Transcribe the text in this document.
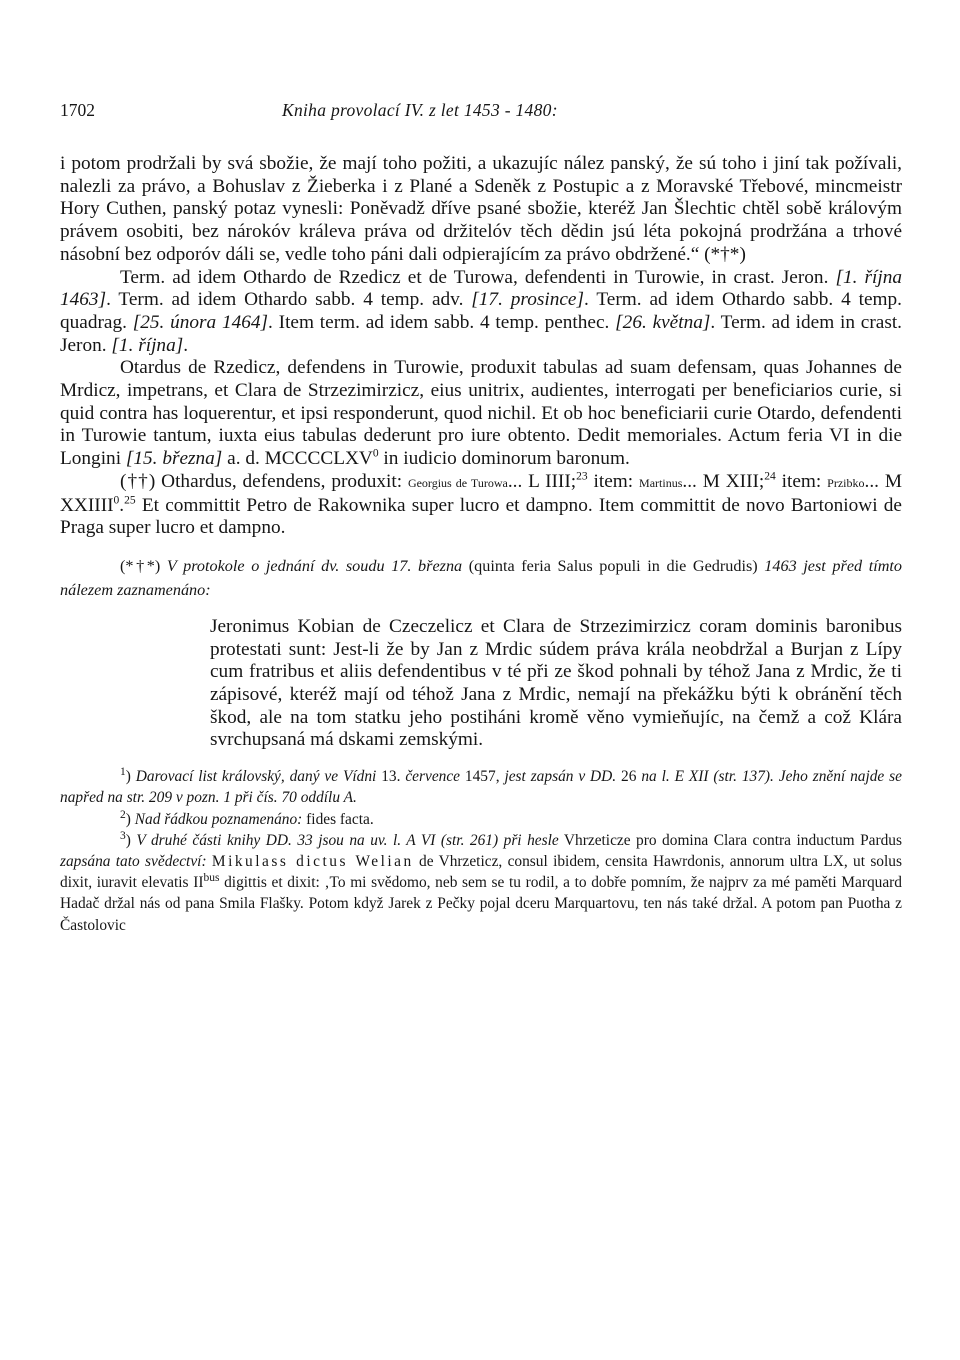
1702	Kniha provolací IV. z let 1453 - 1480:

i potom prodržali by svá sbožie, že mají toho požiti, a ukazujíc nález panský, že sú toho i jiní tak požívali, nalezli za právo, a Bohuslav z Žieberka i z Plané a Sdeněk z Postupic a z Moravské Třebové, mincmeistr Hory Cuthen, panský potaz vynesli: Poněvadž dříve psané sbožie, kteréž Jan Šlechtic chtěl sobě královým právem osobiti, bez nárokóv králeva práva od držitelóv těch dědin jsú léta pokojná prodržána a trhové násobní bez odporóv dáli se, vedle toho páni dali odpierajícím za právo obdržené.“ (*†*)

Term. ad idem Othardo de Rzedicz et de Turowa, defendenti in Turowie, in crast. Jeron. [1. října 1463]. Term. ad idem Othardo sabb. 4 temp. adv. [17. prosince]. Term. ad idem Othardo sabb. 4 temp. quadrag. [25. února 1464]. Item term. ad idem sabb. 4 temp. penthec. [26. května]. Term. ad idem in crast. Jeron. [1. října].

Otardus de Rzedicz, defendens in Turowie, produxit tabulas ad suam defensam, quas Johannes de Mrdicz, impetrans, et Clara de Strzezimirzicz, eius unitrix, audientes, interrogati per beneficiarios curie, si quid contra has loquerentur, et ipsi responderunt, quod nichil. Et ob hoc beneficiarii curie Otardo, defendenti in Turowie tantum, iuxta eius tabulas dederunt pro iure obtento. Dedit memoriales. Actum feria VI in die Longini [15. března] a. d. MCCCCLXV$^0$ in iudicio dominorum baronum.

(††) Othardus, defendens, produxit: Georgius de Turowa... L IIII;$^{23}$ item: Martinus... M XIII;$^{24}$ item: Przibko... M XXIIII$^0$.$^{25}$ Et committit Petro de Rakownika super lucro et dampno. Item committit de novo Bartoniowi de Praga super lucro et dampno.

(*†*) V protokole o jednání dv. soudu 17. března (quinta feria Salus populi in die Gedrudis) 1463 jest před tímto nálezem zaznamenáno:
Jeronimus Kobian de Czeczelicz et Clara de Strzezimirzicz coram dominis baronibus protestati sunt: Jest-li že by Jan z Mrdic súdem práva krála neobdržal a Burjan z Lípy cum fratribus et aliis defendentibus v té při ze škod pohnali by téhož Jana z Mrdic, že ti zápisové, kteréž mají od téhož Jana z Mrdic, nemají na překážku býti k obránění těch škod, ale na tom statku jeho postiháni kromě věno vymieňujíc, na čemž a což Klára svrchupsaná má dskami zemskými.

$^1$) Darovací list královský, daný ve Vídni 13. července 1457, jest zapsán v DD. 26 na l. E XII (str. 137). Jeho znění najde se napřed na str. 209 v pozn. 1 při čís. 70 oddílu A.

$^2$) Nad řádkou poznamenáno: fides facta.

$^3$) V druhé části knihy DD. 33 jsou na uv. l. A VI (str. 261) při hesle Vhrzeticze pro domina Clara contra inductum Pardus zapsána tato svědectví: Mikulass dictus Welian de Vhrzeticz, consul ibidem, censita Hawrdonis, annorum ultra LX, ut solus dixit, iuravit elevatis $II^{bus}$ digittis et dixit: ‚To mi svědomo, neb sem se tu rodil, a to dobře pomním, že najprv za mé paměti Marquard Hadač držal nás od pana Smila Flašky. Potom když Jarek z Pečky pojal dceru Marquartovu, ten nás také držal. A potom pan Puotha z Častolovic
